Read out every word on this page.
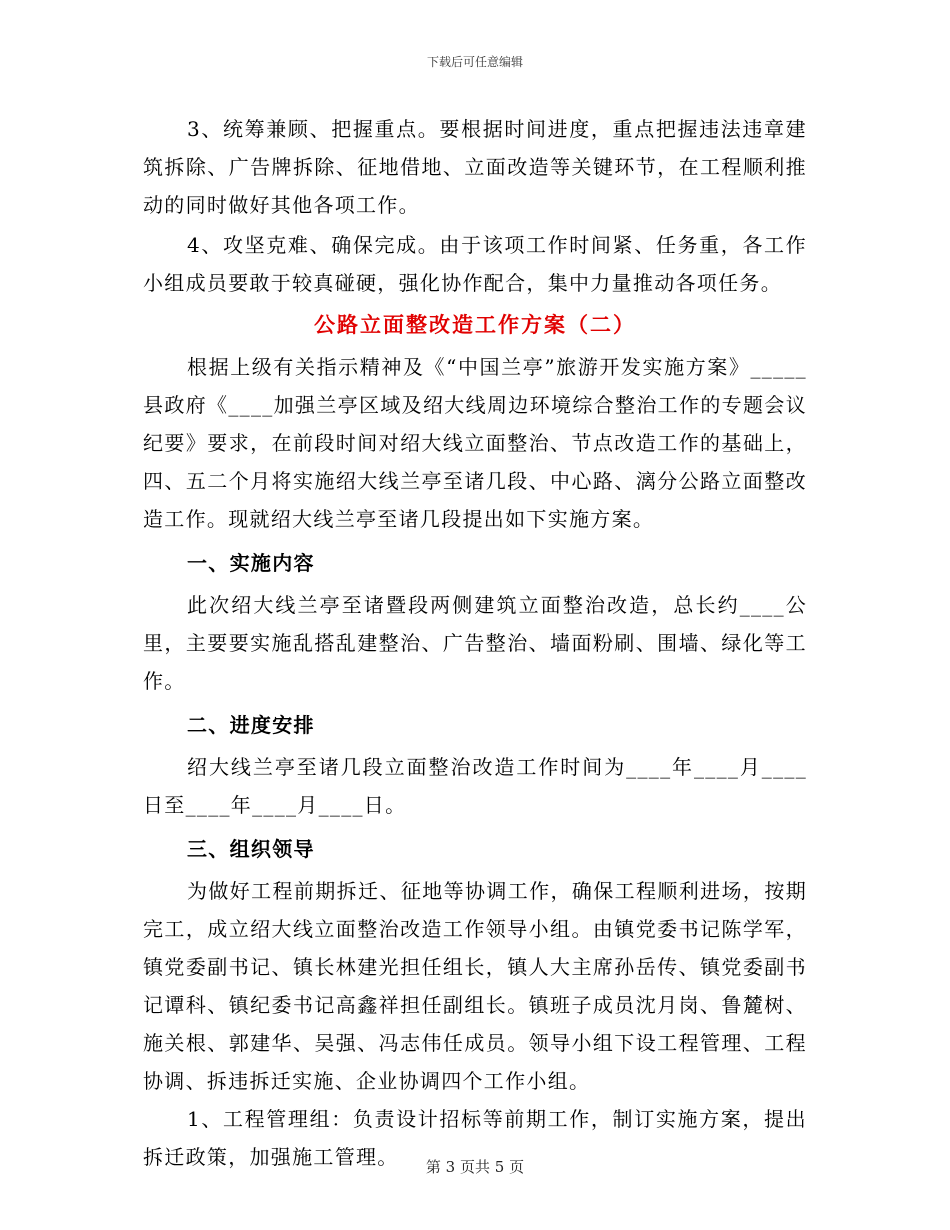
下载后可任意编辑

3、统筹兼顾、把握重点。要根据时间进度，重点把握违法违章建筑拆除、广告牌拆除、征地借地、立面改造等关键环节，在工程顺利推动的同时做好其他各项工作。

4、攻坚克难、确保完成。由于该项工作时间紧、任务重，各工作小组成员要敢于较真碰硬，强化协作配合，集中力量推动各项任务。

公路立面整改造工作方案（二）

根据上级有关指示精神及《“中国兰亭”旅游开发实施方案》_____县政府《____加强兰亭区域及绍大线周边环境综合整治工作的专题会议纪要》要求，在前段时间对绍大线立面整治、节点改造工作的基础上，四、五二个月将实施绍大线兰亭至诸几段、中心路、漓分公路立面整改造工作。现就绍大线兰亭至诸几段提出如下实施方案。

一、实施内容

此次绍大线兰亭至诸暨段两侧建筑立面整治改造，总长约____公里，主要要实施乱搭乱建整治、广告整治、墙面粉刷、围墙、绿化等工作。

二、进度安排

绍大线兰亭至诸几段立面整治改造工作时间为____年____月____日至____年____月____日。

三、组织领导

为做好工程前期拆迁、征地等协调工作，确保工程顺利进场，按期完工，成立绍大线立面整治改造工作领导小组。由镇党委书记陈学军，镇党委副书记、镇长林建光担任组长，镇人大主席孙岳传、镇党委副书记谭科、镇纪委书记高鑫祥担任副组长。镇班子成员沈月岗、鲁麓树、施关根、郭建华、吴强、冯志伟任成员。领导小组下设工程管理、工程协调、拆违拆迁实施、企业协调四个工作小组。

1、工程管理组：负责设计招标等前期工作，制订实施方案，提出拆迁政策，加强施工管理。	第 3 页共 5 页
